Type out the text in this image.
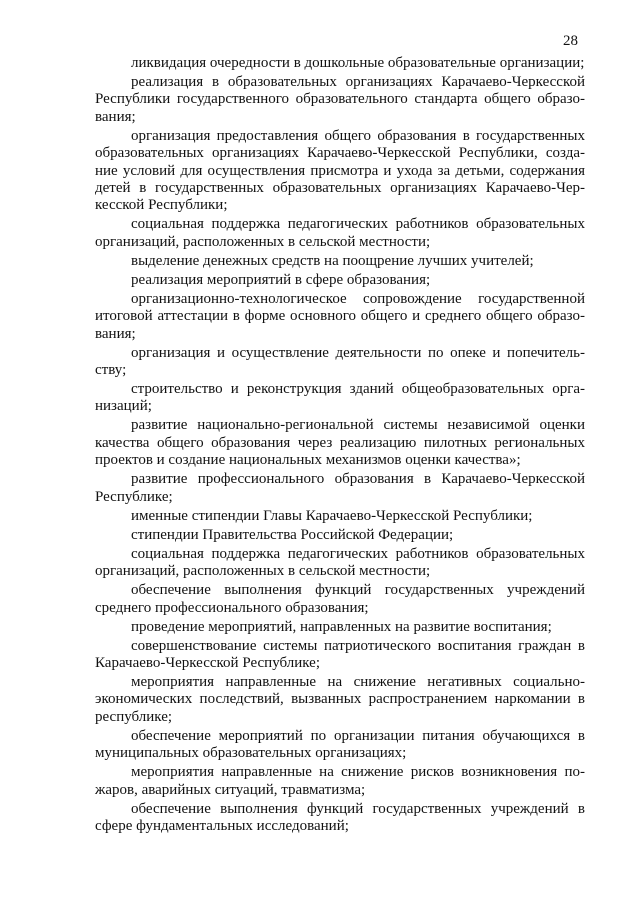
28

ликвидация очередности в дошкольные образовательные организации;

реализация в образовательных организациях Карачаево-Черкесской Республики государственного образовательного стандарта общего образования;

организация предоставления общего образования в государственных образовательных организациях Карачаево-Черкесской Республики, создание условий для осуществления присмотра и ухода за детьми, содержания детей в государственных образовательных организациях Карачаево-Черкесской Республики;

социальная поддержка педагогических работников образовательных организаций, расположенных в сельской местности;

выделение денежных средств на поощрение лучших учителей;

реализация мероприятий в сфере образования;

организационно-технологическое сопровождение государственной итоговой аттестации в форме основного общего и среднего общего образования;

организация и осуществление деятельности по опеке и попечительству;

строительство и реконструкция зданий общеобразовательных организаций;

развитие национально-региональной системы независимой оценки качества общего образования через реализацию пилотных региональных проектов и создание национальных механизмов оценки качества»;

развитие профессионального образования в Карачаево-Черкесской Республике;

именные стипендии Главы Карачаево-Черкесской Республики;

стипендии Правительства Российской Федерации;

социальная поддержка педагогических работников образовательных организаций, расположенных в сельской местности;

обеспечение выполнения функций государственных учреждений среднего профессионального образования;

проведение мероприятий, направленных на развитие воспитания;

совершенствование системы патриотического воспитания граждан в Карачаево-Черкесской Республике;

мероприятия направленные на снижение негативных социально-экономических последствий, вызванных распространением наркомании в республике;

обеспечение мероприятий по организации питания обучающихся в муниципальных образовательных организациях;

мероприятия направленные на снижение рисков возникновения пожаров, аварийных ситуаций, травматизма;

обеспечение выполнения функций государственных учреждений в сфере фундаментальных исследований;
